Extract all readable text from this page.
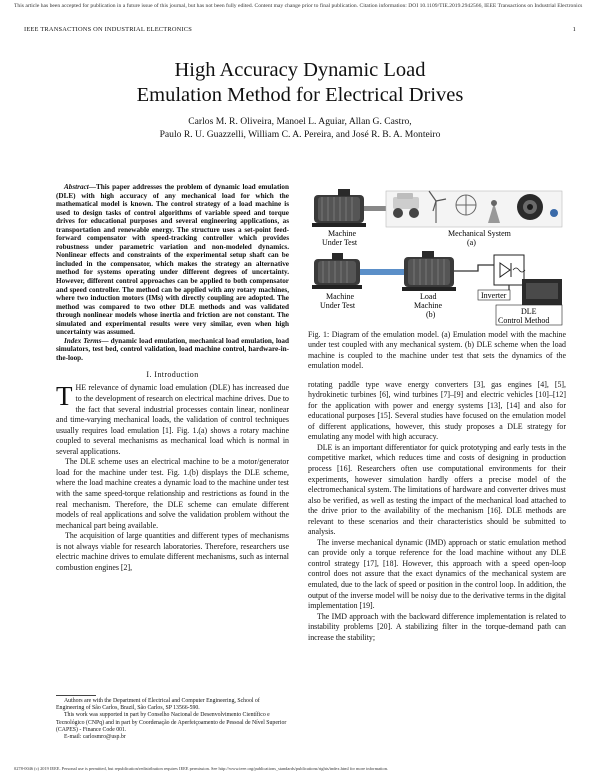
This article has been accepted for publication in a future issue of this journal, but has not been fully edited. Content may change prior to final publication. Citation information: DOI 10.1109/TIE.2019.2942566, IEEE Transactions on Industrial Electronics
IEEE TRANSACTIONS ON INDUSTRIAL ELECTRONICS	1
High Accuracy Dynamic Load
Emulation Method for Electrical Drives
Carlos M. R. Oliveira, Manoel L. Aguiar, Allan G. Castro,
Paulo R. U. Guazzelli, William C. A. Pereira, and José R. B. A. Monteiro

Abstract—This paper addresses the problem of dynamic load emulation (DLE) with high accuracy of any mechanical load for which the mathematical model is known. The control strategy of a load machine is used to design tasks of control algorithms of variable speed and torque drives for educational purposes and several engineering applications, as transportation and renewable energy. The structure uses a set-point feed-forward compensator with speed-tracking controller which provides robustness under parametric variation and non-modeled dynamics. Nonlinear effects and constraints of the experimental setup shaft can be included in the compensator, which makes the strategy an alternative method for systems operating under different degrees of uncertainty. However, different control approaches can be applied to both compensator and speed controller. The method can be applied with any rotary machines, where two induction motors (IMs) with directly coupling are adopted. The method was compared to two other DLE methods and was validated through nonlinear models whose inertia and friction are not constant. The simulated and experimental results were very similar, even when high uncertainty was assumed.

Index Terms— dynamic load emulation, mechanical load emulation, load simulators, test bed, control validation, load machine control, hardware-in-the-loop.

I. Introduction

THE relevance of dynamic load emulation (DLE) has increased due to the development of research on electrical machine drives. Due to the fact that several industrial processes contain linear, nonlinear and time-varying mechanical loads, the validation of control techniques usually requires load emulation [1]. Fig. 1.(a) shows a rotary machine coupled to several mechanisms as mechanical load which is normal in several applications.

The DLE scheme uses an electrical machine to be a motor/generator load for the machine under test. Fig. 1.(b) displays the DLE scheme, where the load machine creates a dynamic load to the machine under test with the same speed-torque relationship and restrictions as found in the real mechanism. Therefore, the DLE scheme can emulate different models of real applications and solve the validation problem without the mechanical part being available.

The acquisition of large quantities and different types of mechanisms is not always viable for research laboratories. Therefore, researchers use electric machine drives to emulate different mechanisms, such as internal combustion engines [2],

Authors are with the Department of Electrical and Computer Engineering, School of Engineering of São Carlos, Brazil, São Carlos, SP 13566-590.
This work was supported in part by Conselho Nacional de Desenvolvimento Científico e Tecnológico (CNPq) and in part by Coordenação de Aperfeiçoamento de Pessoal de Nível Superior (CAPES) - Finance Code 001.
E-mail: carlosmro@usp.br
Machine
Under Test
Mechanical System
(a)
Machine
Under Test
Load
Machine
(b)
Inverter
DLE
Control Method

Fig. 1: Diagram of the emulation model. (a) Emulation model with the machine under test coupled with any mechanical system. (b) DLE scheme when the load machine is coupled to the machine under test that sets the dynamics of the emulation model.

rotating paddle type wave energy converters [3], gas engines [4], [5], hydrokinetic turbines [6], wind turbines [7]–[9] and electric vehicles [10]–[12] for the application with power and energy systems [13], [14] and also for educational purposes [15]. Several studies have focused on the emulation model of different applications, however, this study proposes a DLE strategy for emulating any model with high accuracy.

DLE is an important differentiator for quick prototyping and early tests in the competitive market, which reduces time and costs of designing in production process [16]. Researchers often use computational environments for their experiments, however simulation hardly offers a precise model of the electromechanical system. The limitations of hardware and converter drives must also be verified, as well as testing the impact of the mechanical load attached to the drive prior to the availability of the mechanism [16]. DLE methods are relevant to these scenarios and their characteristics should be submitted to analysis.

The inverse mechanical dynamic (IMD) approach or static emulation method can provide only a torque reference for the load machine without any DLE control strategy [17], [18]. However, this approach with a speed open-loop control does not assure that the exact dynamics of the mechanical system are emulated, due to the lack of speed or position in the control loop. In addition, the output of the inverse model will be noisy due to the derivative terms in the digital implementation [19].

The IMD approach with the backward difference implementation is related to instability problems [20]. A stabilizing filter in the torque-demand path can increase the stability;

0278-0046 (c) 2019 IEEE. Personal use is permitted, but republication/redistribution requires IEEE permission. See http://www.ieee.org/publications_standards/publications/rights/index.html for more information.
